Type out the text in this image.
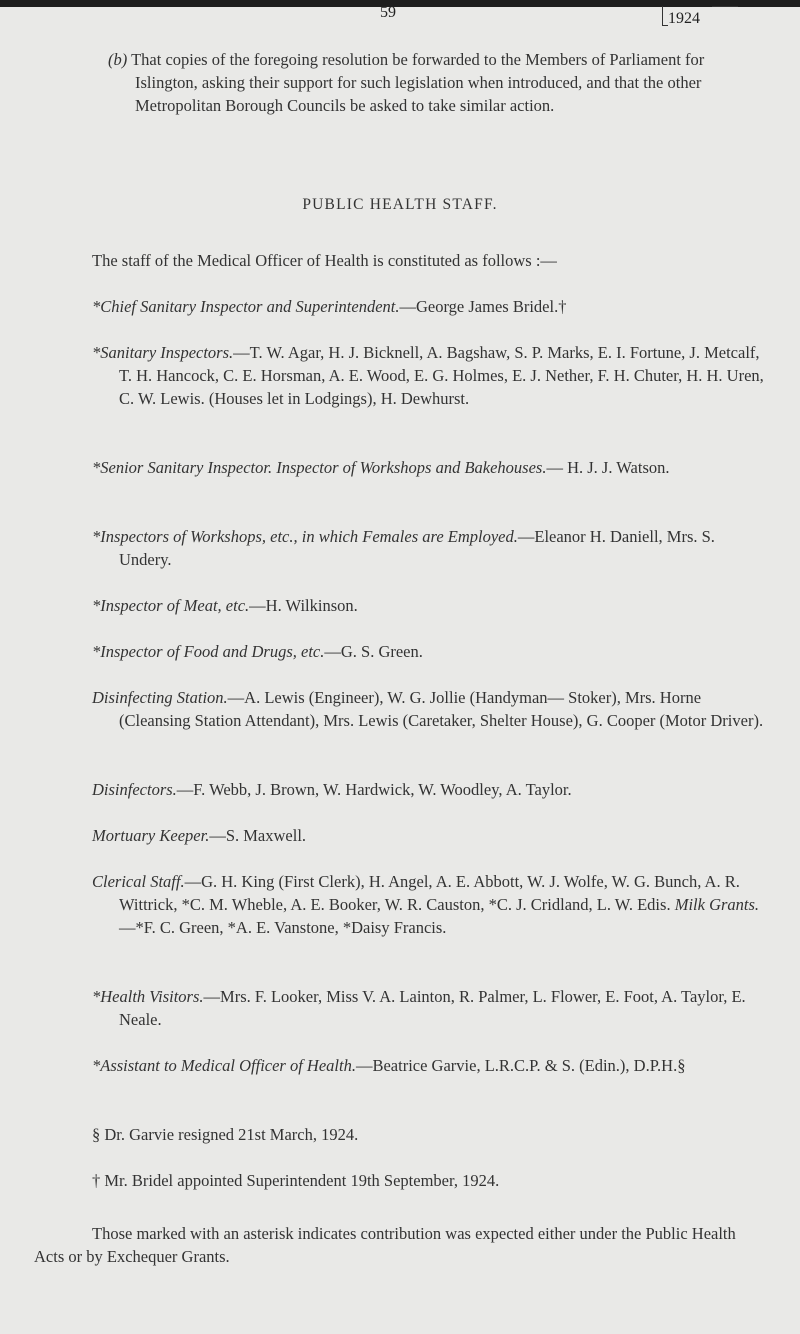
59	1924
(b) That copies of the foregoing resolution be forwarded to the Members of Parliament for Islington, asking their support for such legislation when introduced, and that the other Metropolitan Borough Councils be asked to take similar action.
PUBLIC HEALTH STAFF.
The staff of the Medical Officer of Health is constituted as follows :—
*Chief Sanitary Inspector and Superintendent.—George James Bridel.†
*Sanitary Inspectors.—T. W. Agar, H. J. Bicknell, A. Bagshaw, S. P. Marks, E. I. Fortune, J. Metcalf, T. H. Hancock, C. E. Horsman, A. E. Wood, E. G. Holmes, E. J. Nether, F. H. Chuter, H. H. Uren, C. W. Lewis. (Houses let in Lodgings), H. Dewhurst.
*Senior Sanitary Inspector. Inspector of Workshops and Bakehouses.— H. J. J. Watson.
*Inspectors of Workshops, etc., in which Females are Employed.—Eleanor H. Daniell, Mrs. S. Undery.
*Inspector of Meat, etc.—H. Wilkinson.
*Inspector of Food and Drugs, etc.—G. S. Green.
Disinfecting Station.—A. Lewis (Engineer), W. G. Jollie (Handyman— Stoker), Mrs. Horne (Cleansing Station Attendant), Mrs. Lewis (Caretaker, Shelter House), G. Cooper (Motor Driver).
Disinfectors.—F. Webb, J. Brown, W. Hardwick, W. Woodley, A. Taylor.
Mortuary Keeper.—S. Maxwell.
Clerical Staff.—G. H. King (First Clerk), H. Angel, A. E. Abbott, W. J. Wolfe, W. G. Bunch, A. R. Wittrick, *C. M. Wheble, A. E. Booker, W. R. Causton, *C. J. Cridland, L. W. Edis. Milk Grants.—*F. C. Green, *A. E. Vanstone, *Daisy Francis.
*Health Visitors.—Mrs. F. Looker, Miss V. A. Lainton, R. Palmer, L. Flower, E. Foot, A. Taylor, E. Neale.
*Assistant to Medical Officer of Health.—Beatrice Garvie, L.R.C.P. & S. (Edin.), D.P.H.§
§ Dr. Garvie resigned 21st March, 1924.
† Mr. Bridel appointed Superintendent 19th September, 1924.
Those marked with an asterisk indicates contribution was expected either under the Public Health Acts or by Exchequer Grants.
